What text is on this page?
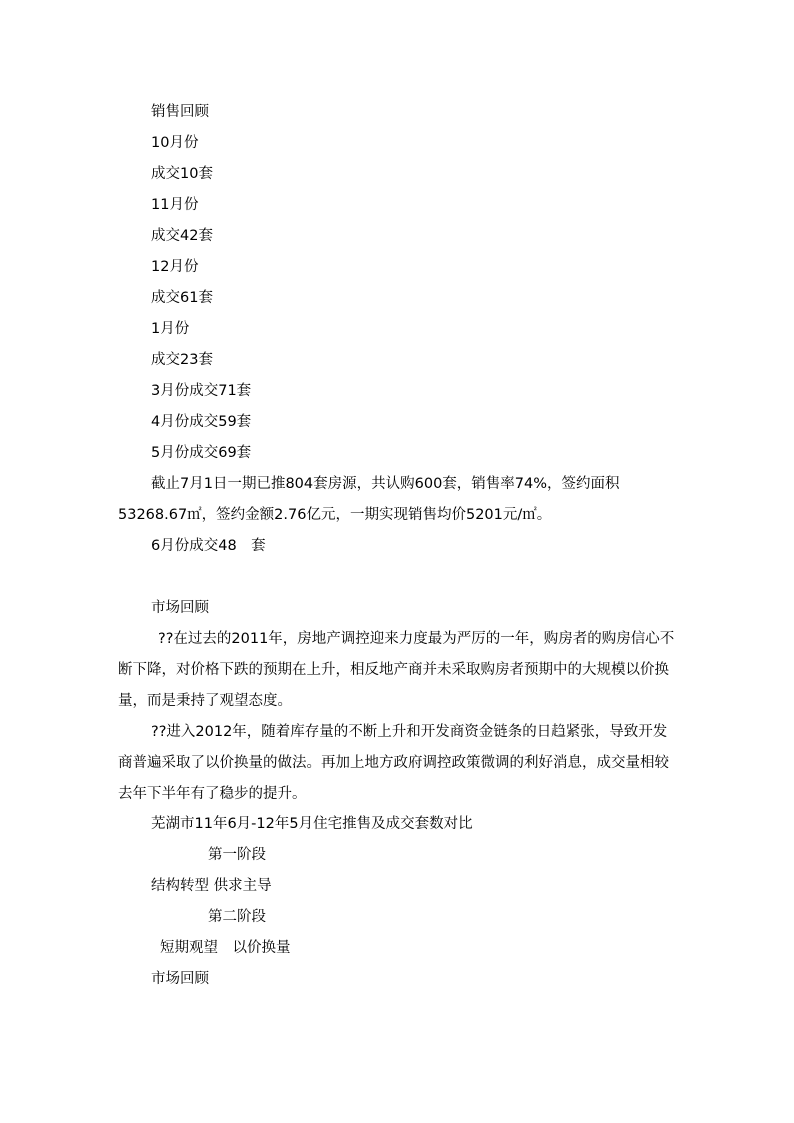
销售回顾
10月份
成交10套
11月份
成交42套
12月份
成交61套
1月份
成交23套
3月份成交71套
4月份成交59套
5月份成交69套
截止7月1日一期已推804套房源，共认购600套，销售率74%，签约面积53268.67㎡，签约金额2.76亿元，一期实现销售均价5201元/㎡。
6月份成交48　套
市场回顾
??在过去的2011年，房地产调控迎来力度最为严厉的一年，购房者的购房信心不断下降，对价格下跌的预期在上升，相反地产商并未采取购房者预期中的大规模以价换量，而是秉持了观望态度。
??进入2012年，随着库存量的不断上升和开发商资金链条的日趋紧张，导致开发商普遍采取了以价换量的做法。再加上地方政府调控政策微调的利好消息，成交量相较去年下半年有了稳步的提升。
芜湖市11年6月-12年5月住宅推售及成交套数对比
第一阶段
结构转型 供求主导
第二阶段
短期观望　以价换量
市场回顾
